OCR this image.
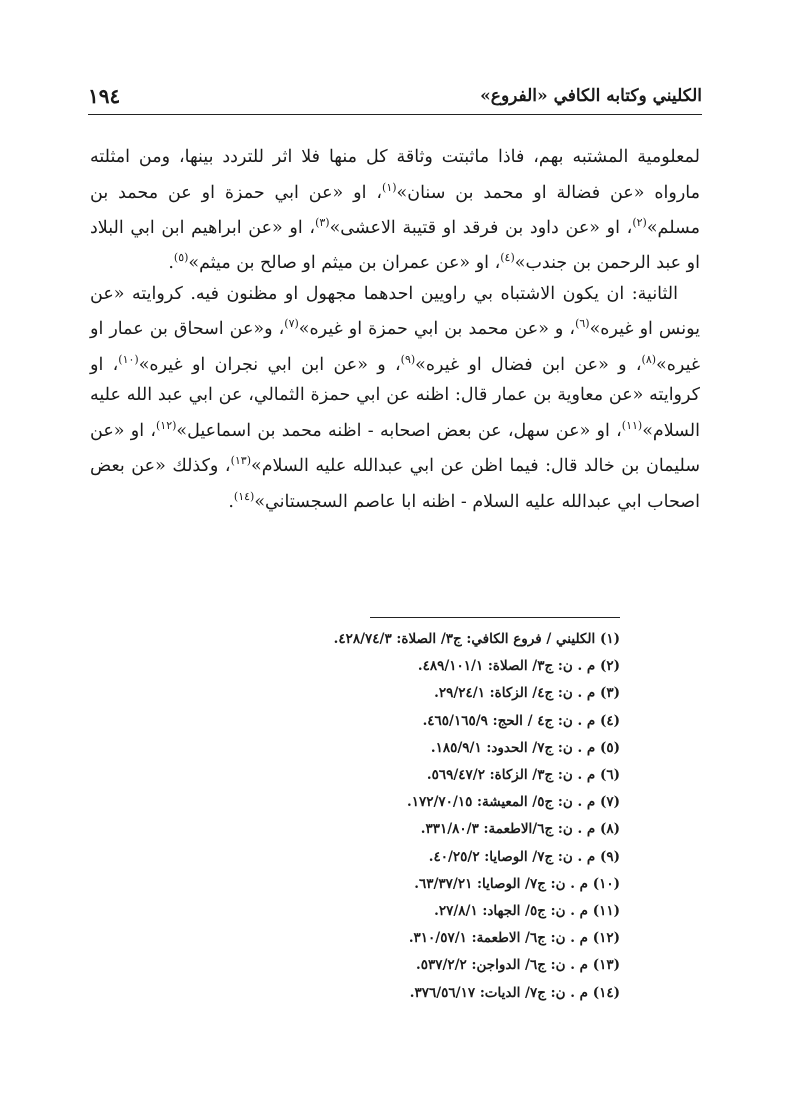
١٩٤	الكليني وكتابه الكافي «الفروع»

لمعلومية المشتبه بهم، فاذا ماثبتت وثاقة كل منها فلا اثر للتردد بينها، ومن امثلته مارواه «عن فضالة او محمد بن سنان»$^{(١)}$، او «عن ابي حمزة او عن محمد بن مسلم»$^{(٢)}$، او «عن داود بن فرقد او قتيبة الاعشى»$^{(٣)}$، او «عن ابراهيم ابن ابي البلاد او عبد الرحمن بن جندب»$^{(٤)}$، او «عن عمران بن ميثم او صالح بن ميثم»$^{(٥)}$.

الثانية: ان يكون الاشتباه بي راويين احدهما مجهول او مظنون فيه. كروايته «عن يونس او غيره»$^{(٦)}$، و «عن محمد بن ابي حمزة او غيره»$^{(٧)}$، و«عن اسحاق بن عمار او غيره»$^{(٨)}$، و «عن ابن فضال او غيره»$^{(٩)}$، و «عن ابن ابي نجران او غيره»$^{(١٠)}$، او كروايته «عن معاوية بن عمار قال: اظنه عن ابي حمزة الثمالي، عن ابي عبد الله عليه السلام»$^{(١١)}$، او «عن سهل، عن بعض اصحابه - اظنه محمد بن اسماعيل»$^{(١٢)}$، او «عن سليمان بن خالد قال: فيما اظن عن ابي عبدالله عليه السلام»$^{(١٣)}$، وكذلك «عن بعض اصحاب ابي عبدالله عليه السلام - اظنه ابا عاصم السجستاني»$^{(١٤)}$.

(١) الكليني / فروع الكافي: ج٣/ الصلاة: ٤٢٨/٧٤/٣.
(٢) م . ن: ج٣/ الصلاة: ٤٨٩/١٠١/١.
(٣) م . ن: ج٤/ الزكاة: ٢٩/٢٤/١.
(٤) م . ن: ج٤ / الحج: ٤٦٥/١٦٥/٩.
(٥) م . ن: ج٧/ الحدود: ١٨٥/٩/١.
(٦) م . ن: ج٣/ الزكاة: ٥٦٩/٤٧/٢.
(٧) م . ن: ج٥/ المعيشة: ١٧٢/٧٠/١٥.
(٨) م . ن: ج٦/الاطعمة: ٣٣١/٨٠/٣.
(٩) م . ن: ج٧/ الوصايا: ٤٠/٢٥/٢.
(١٠) م . ن: ج٧/ الوصايا: ٦٣/٣٧/٢١.
(١١) م . ن: ج٥/ الجهاد: ٢٧/٨/١.
(١٢) م . ن: ج٦/ الاطعمة: ٣١٠/٥٧/١.
(١٣) م . ن: ج٦/ الدواجن: ٥٣٧/٢/٢.
(١٤) م . ن: ج٧/ الديات: ٣٧٦/٥٦/١٧.
